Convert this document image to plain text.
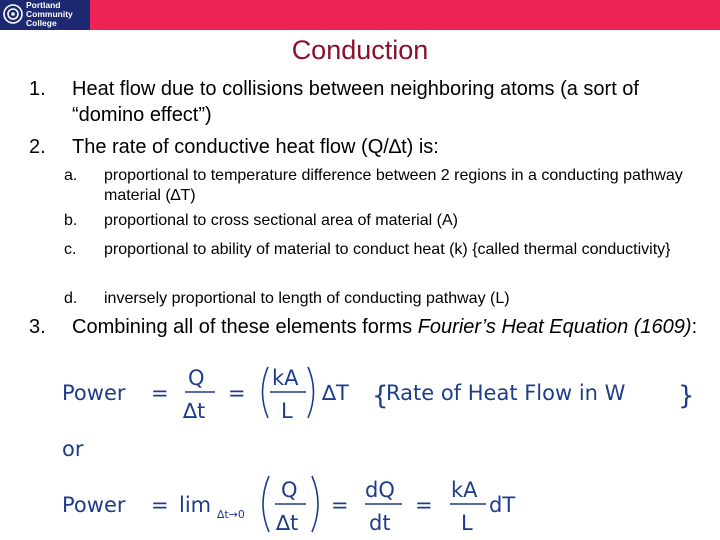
Portland
Community
College
Conduction
1. Heat flow due to collisions between neighboring atoms (a sort of “domino effect”)
2. The rate of conductive heat flow (Q/∆t) is:
3. Combining all of these elements forms Fourier’s Heat Equation (1609):
a. proportional to temperature difference between 2 regions in a conducting pathway material (∆T)
b. proportional to cross sectional area of material (A)
c. proportional to ability of material to conduct heat (k) {called thermal conductivity}
d. inversely proportional to length of conducting pathway (L)
Power =
Q
∆t
=
kA
L
∆T {
Rate of Heat Flow in W }
or
Power = lim ∆t→0
Q
∆t
=
dQ
dt
=
kA
L
dT
